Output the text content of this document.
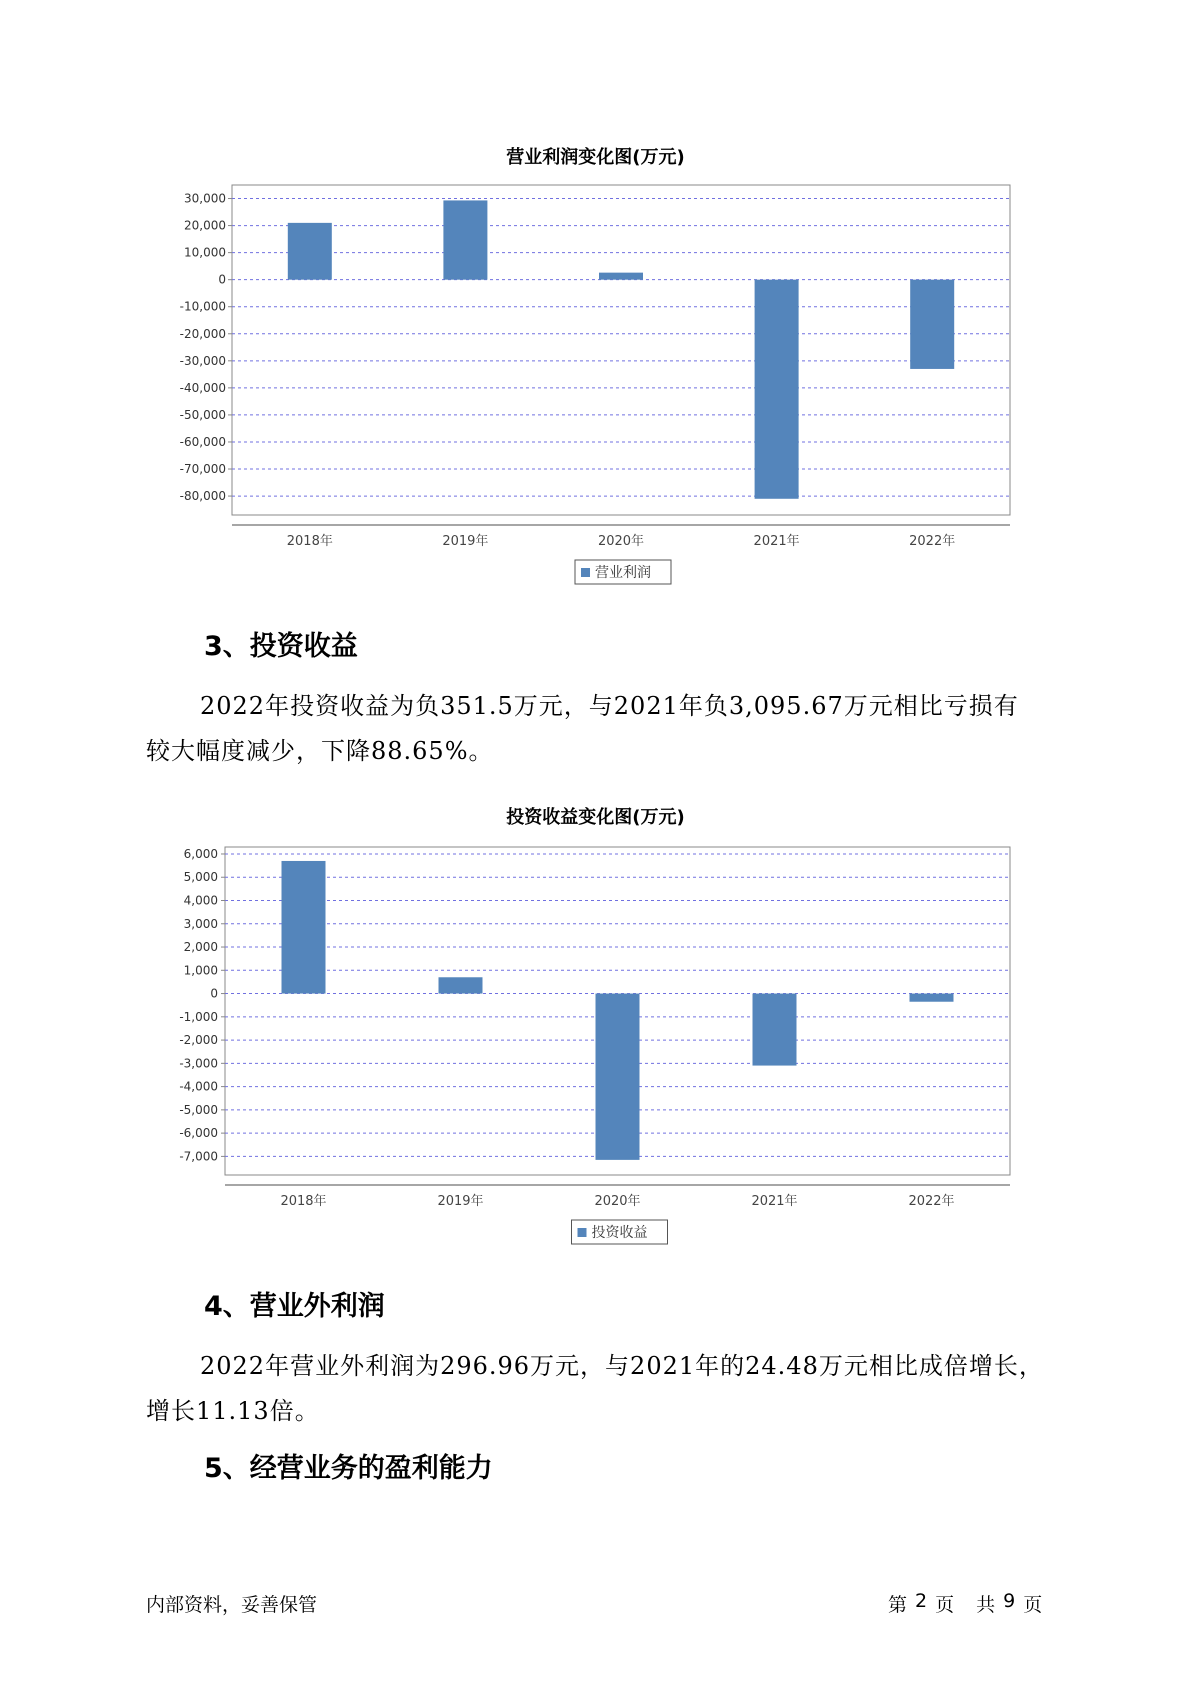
营业利润变化图(万元)
30,000
20,000
10,000
0
-10,000
-20,000
-30,000
-40,000
-50,000
-60,000
-70,000
-80,000
2018年	2019年	2020年	2021年	2022年
营业利润
3、投资收益
2022年投资收益为负351.5万元，与2021年负3,095.67万元相比亏损有
较大幅度减少，下降88.65%。
投资收益变化图(万元)
6,000
5,000
4,000
3,000
2,000
1,000
0
-1,000
-2,000
-3,000
-4,000
-5,000
-6,000
-7,000
2018年	2019年	2020年	2021年	2022年
投资收益
4、营业外利润
2022年营业外利润为296.96万元，与2021年的24.48万元相比成倍增长，
增长11.13倍。
5、经营业务的盈利能力
内部资料，妥善保管	第 2 页 共 9 页
